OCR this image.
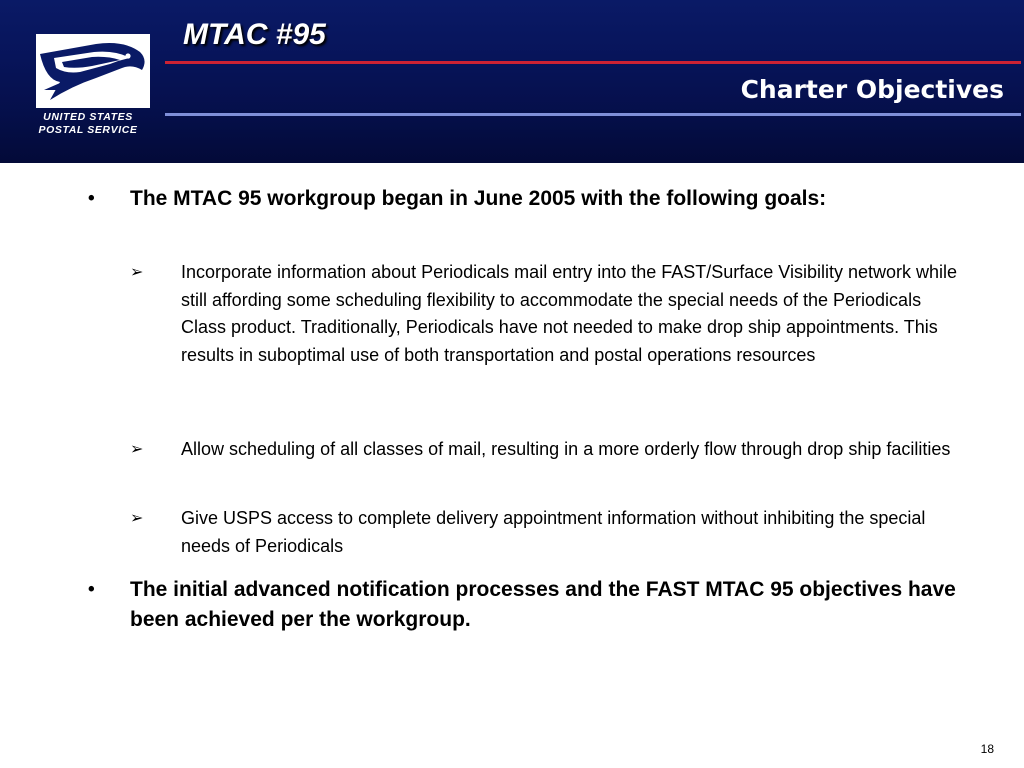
UNITED STATES
POSTAL SERVICE
MTAC #95
Charter Objectives
• The MTAC 95 workgroup began in June 2005 with the following goals:
➢ Incorporate information about Periodicals mail entry into the FAST/Surface Visibility network while still affording some scheduling flexibility to accommodate the special needs of the Periodicals Class product. Traditionally, Periodicals have not needed to make drop ship appointments. This results in suboptimal use of both transportation and postal operations resources
➢ Allow scheduling of all classes of mail, resulting in a more orderly flow through drop ship facilities
➢ Give USPS access to complete delivery appointment information without inhibiting the special needs of Periodicals
• The initial advanced notification processes and the FAST MTAC 95 objectives have been achieved per the workgroup.
18
